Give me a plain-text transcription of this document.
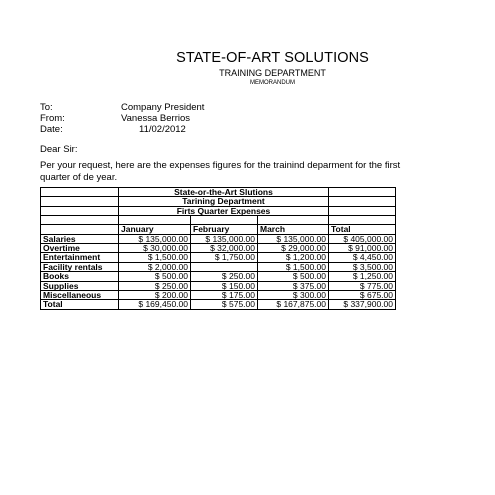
STATE-OF-ART SOLUTIONS
TRAINING DEPARTMENT
MEMORANDUM
To:	Company President
From:	Vanessa Berrios
Date:	11/02/2012
Dear Sir:
Per your request, here are the expenses figures for the trainind deparment for the first quarter of de year.
	State-or-the-Art Slutions			
	Tarining Department			
	Firts Quarter Expenses			

	January	February	March	Total
Salaries	$ 135,000.00	$ 135,000.00	$ 135,000.00	$ 405,000.00
Overtime	$ 30,000.00	$ 32,000.00	$ 29,000.00	$ 91,000.00
Entertainment	$ 1,500.00	$ 1,750.00	$ 1,200.00	$ 4,450.00
Facility rentals	$ 2,000.00		$ 1,500.00	$ 3,500.00
Books	$ 500.00	$ 250.00	$ 500.00	$ 1,250.00
Supplies	$ 250.00	$ 150.00	$ 375.00	$ 775.00
Miscellaneous	$ 200.00	$ 175.00	$ 300.00	$ 675.00
Total	$ 169,450.00	$ 575.00	$ 167,875.00	$ 337,900.00
